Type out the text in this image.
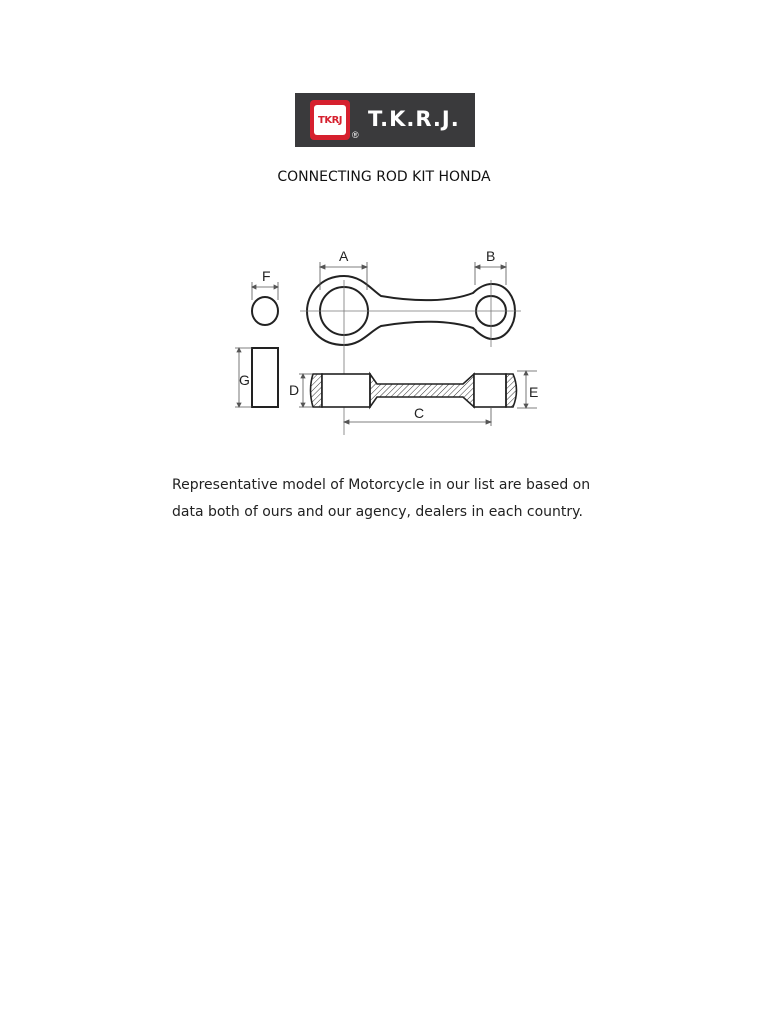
TKRJ
®
T.K.R.J.
CONNECTING ROD KIT HONDA
A	B
F
G
D	E
C

Representative model of Motorcycle in our list are based on

data both of ours and our agency, dealers in each country.
